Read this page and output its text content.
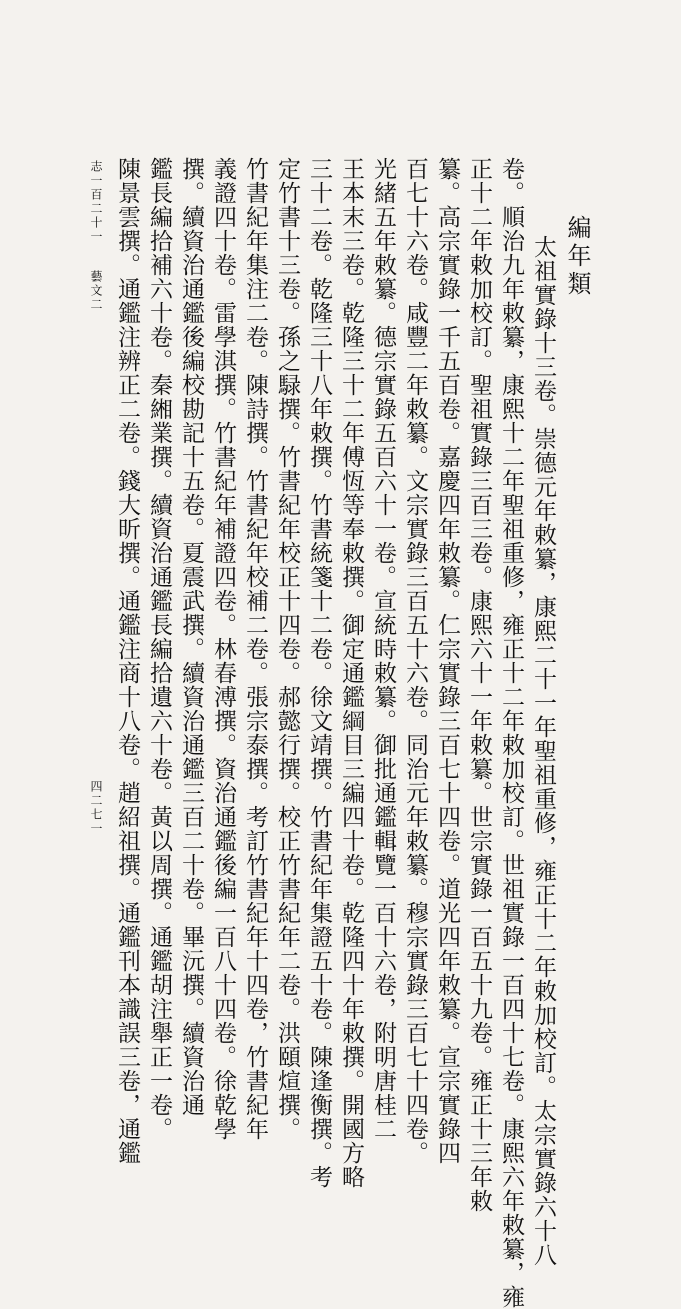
編年類
太祖實錄十三卷。崇德元年敕纂，康熙二十一年聖祖重修，雍正十二年敕加校訂。太宗實錄六十八
卷。順治九年敕纂，康熙十二年聖祖重修，雍正十二年敕加校訂。世祖實錄一百四十七卷。康熙六年敕纂，雍
正十二年敕加校訂。聖祖實錄三百三卷。康熙六十一年敕纂。世宗實錄一百五十九卷。雍正十三年敕
纂。高宗實錄一千五百卷。嘉慶四年敕纂。仁宗實錄三百七十四卷。道光四年敕纂。宣宗實錄四
百七十六卷。咸豐二年敕纂。文宗實錄三百五十六卷。同治元年敕纂。穆宗實錄三百七十四卷。
光緒五年敕纂。德宗實錄五百六十一卷。宣統時敕纂。御批通鑑輯覽一百十六卷，附明唐桂二
王本末三卷。乾隆三十二年傅恆等奉敕撰。御定通鑑綱目三編四十卷。乾隆四十年敕撰。開國方略
三十二卷。乾隆三十八年敕撰。竹書統箋十二卷。徐文靖撰。竹書紀年集證五十卷。陳逢衡撰。考
定竹書十三卷。孫之騄撰。竹書紀年校正十四卷。郝懿行撰。校正竹書紀年二卷。洪頤煊撰。
竹書紀年集注二卷。陳詩撰。竹書紀年校補二卷。張宗泰撰。考訂竹書紀年十四卷，竹書紀年
義證四十卷。雷學淇撰。竹書紀年補證四卷。林春溥撰。資治通鑑後編一百八十四卷。徐乾學
撰。續資治通鑑後編校勘記十五卷。夏震武撰。續資治通鑑三百二十卷。畢沅撰。續資治通
鑑長編拾補六十卷。秦緗業撰。續資治通鑑長編拾遺六十卷。黃以周撰。通鑑胡注舉正一卷。
陳景雲撰。通鑑注辨正二卷。錢大昕撰。通鑑注商十八卷。趙紹祖撰。通鑑刊本識誤三卷，通鑑
志一百二十一
藝文二
四二七一
